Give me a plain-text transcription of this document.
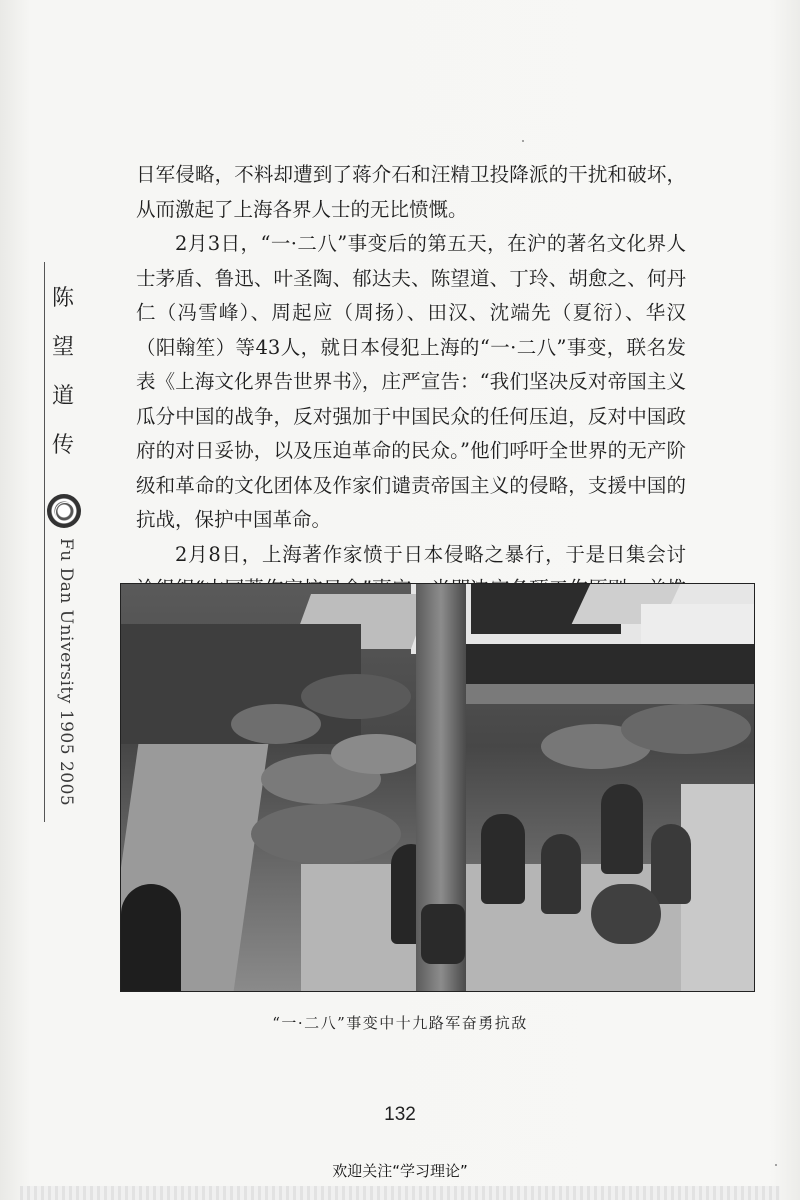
陈
望
道
传
Fu Dan University 1905 2005

日军侵略，不料却遭到了蒋介石和汪精卫投降派的干扰和破坏，从而激起了上海各界人士的无比愤慨。

2月3日，“一·二八”事变后的第五天，在沪的著名文化界人士茅盾、鲁迅、叶圣陶、郁达夫、陈望道、丁玲、胡愈之、何丹仁（冯雪峰）、周起应（周扬）、田汉、沈端先（夏衍）、华汉（阳翰笙）等43人，就日本侵犯上海的“一·二八”事变，联名发表《上海文化界告世界书》，庄严宣告：“我们坚决反对帝国主义瓜分中国的战争，反对强加于中国民众的任何压迫，反对中国政府的对日妥协，以及压迫革命的民众。”他们呼吁全世界的无产阶级和革命的文化团体及作家们谴责帝国主义的侵略，支援中国的抗战，保护中国革命。

2月8日，上海著作家愤于日本侵略之暴行，于是日集会讨

“一·二八”事变中十九路军奋勇抗敌
132
欢迎关注“学习理论”
